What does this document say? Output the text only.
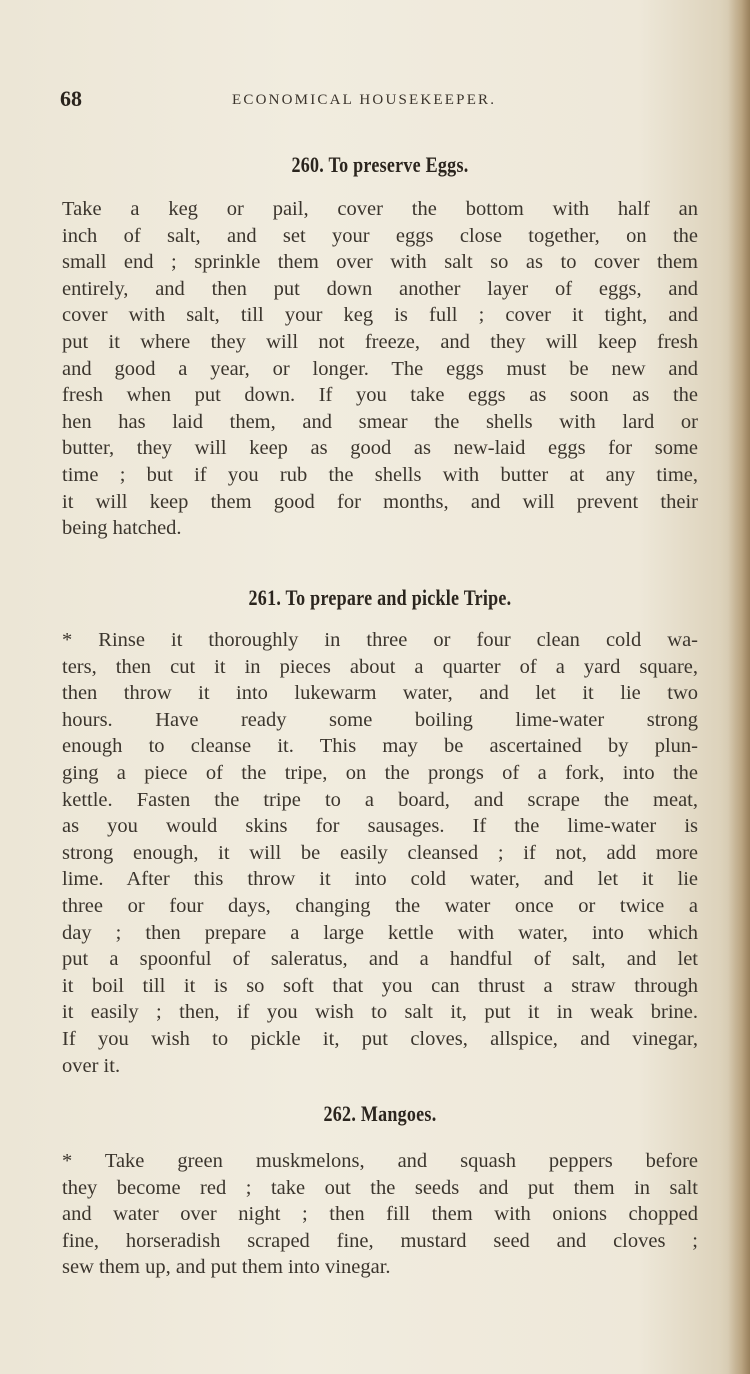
68	ECONOMICAL HOUSEKEEPER.
260. To preserve Eggs.
Take a keg or pail, cover the bottom with half an
inch of salt, and set your eggs close together, on the
small end ; sprinkle them over with salt so as to cover them
entirely, and then put down another layer of eggs, and
cover with salt, till your keg is full ; cover it tight, and
put it where they will not freeze, and they will keep fresh
and good a year, or longer. The eggs must be new and
fresh when put down. If you take eggs as soon as the
hen has laid them, and smear the shells with lard or
butter, they will keep as good as new-laid eggs for some
time ; but if you rub the shells with butter at any time,
it will keep them good for months, and will prevent their
being hatched.
261. To prepare and pickle Tripe.
* Rinse it thoroughly in three or four clean cold wa-
ters, then cut it in pieces about a quarter of a yard square,
then throw it into lukewarm water, and let it lie two
hours. Have ready some boiling lime-water strong
enough to cleanse it. This may be ascertained by plun-
ging a piece of the tripe, on the prongs of a fork, into the
kettle. Fasten the tripe to a board, and scrape the meat,
as you would skins for sausages. If the lime-water is
strong enough, it will be easily cleansed ; if not, add more
lime. After this throw it into cold water, and let it lie
three or four days, changing the water once or twice a
day ; then prepare a large kettle with water, into which
put a spoonful of saleratus, and a handful of salt, and let
it boil till it is so soft that you can thrust a straw through
it easily ; then, if you wish to salt it, put it in weak brine.
If you wish to pickle it, put cloves, allspice, and vinegar,
over it.
262. Mangoes.
* Take green muskmelons, and squash peppers before
they become red ; take out the seeds and put them in salt
and water over night ; then fill them with onions chopped
fine, horseradish scraped fine, mustard seed and cloves ;
sew them up, and put them into vinegar.
